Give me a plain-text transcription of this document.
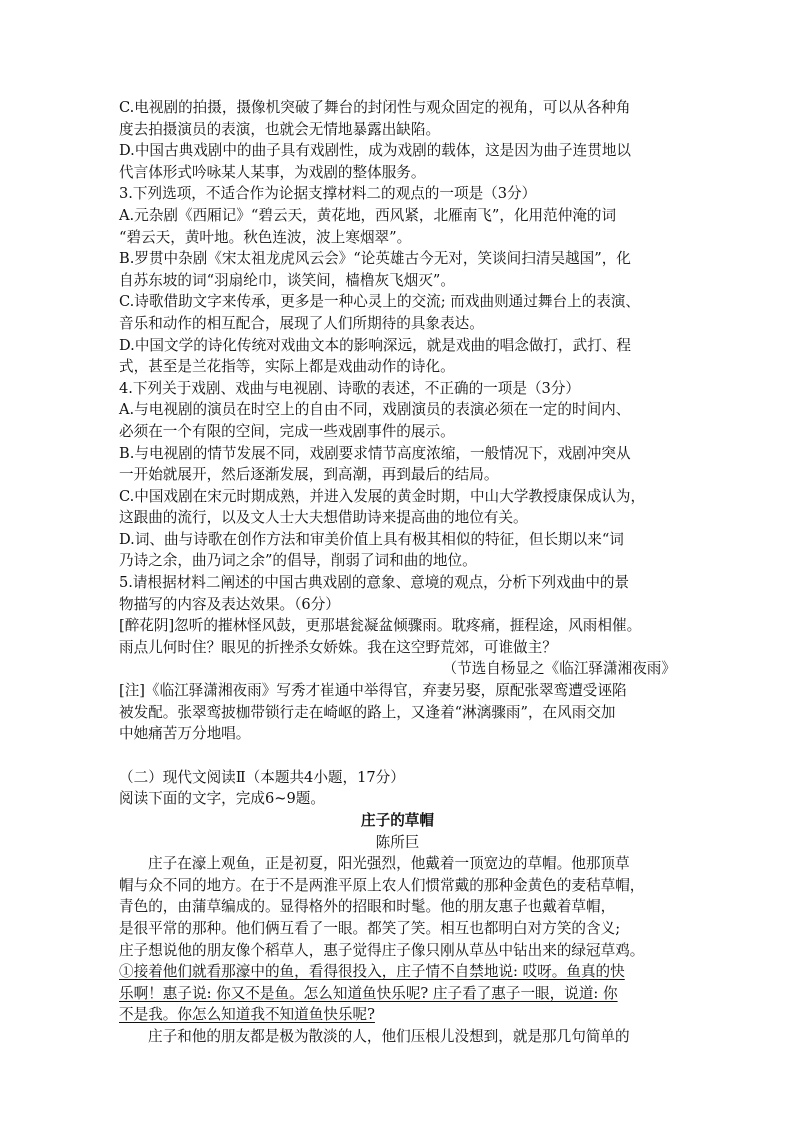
C.电视剧的拍摄，摄像机突破了舞台的封闭性与观众固定的视角，可以从各种角

度去拍摄演员的表演，也就会无情地暴露出缺陷。

D.中国古典戏剧中的曲子具有戏剧性，成为戏剧的载体，这是因为曲子连贯地以

代言体形式吟咏某人某事，为戏剧的整体服务。

3.下列选项，不适合作为论据支撑材料二的观点的一项是（3分）

A.元杂剧《西厢记》“碧云天，黄花地，西风紧，北雁南飞”，化用范仲淹的词

“碧云天，黄叶地。秋色连波，波上寒烟翠”。

B.罗贯中杂剧《宋太祖龙虎风云会》“论英雄古今无对，笑谈间扫清吴越国”，化

自苏东坡的词“羽扇纶巾，谈笑间，樯橹灰飞烟灭”。

C.诗歌借助文字来传承，更多是一种心灵上的交流; 而戏曲则通过舞台上的表演、

音乐和动作的相互配合，展现了人们所期待的具象表达。

D.中国文学的诗化传统对戏曲文本的影响深远，就是戏曲的唱念做打，武打、程

式，甚至是兰花指等，实际上都是戏曲动作的诗化。

4.下列关于戏剧、戏曲与电视剧、诗歌的表述，不正确的一项是（3分）

A.与电视剧的演员在时空上的自由不同，戏剧演员的表演必须在一定的时间内、

必须在一个有限的空间，完成一些戏剧事件的展示。

B.与电视剧的情节发展不同，戏剧要求情节高度浓缩，一般情况下，戏剧冲突从

一开始就展开，然后逐渐发展，到高潮，再到最后的结局。

C.中国戏剧在宋元时期成熟，并进入发展的黄金时期，中山大学教授康保成认为，

这跟曲的流行，以及文人士大夫想借助诗来提高曲的地位有关。

D.词、曲与诗歌在创作方法和审美价值上具有极其相似的特征，但长期以来“词

乃诗之余，曲乃词之余”的倡导，削弱了词和曲的地位。

5.请根据材料二阐述的中国古典戏剧的意象、意境的观点，分析下列戏曲中的景

物描写的内容及表达效果。（6分）

[醉花阴]忽听的摧林怪风鼓，更那堪瓮凝盆倾骤雨。耽疼痛，捱程途，风雨相催。

雨点儿何时住？眼见的折挫杀女娇姝。我在这空野荒郊，可谁做主？

（节选自杨显之《临江驿潇湘夜雨》

[注]《临江驿潇湘夜雨》写秀才崔通中举得官，弃妻另娶，原配张翠鸾遭受诬陷

被发配。张翠鸾披枷带锁行走在崎岖的路上，又逢着“淋漓骤雨”，在风雨交加

中她痛苦万分地唱。

（二）现代文阅读Ⅱ（本题共4小题，17分）

阅读下面的文字，完成6~9题。

庄子的草帽

陈所巨

庄子在濠上观鱼，正是初夏，阳光强烈，他戴着一顶宽边的草帽。他那顶草

帽与众不同的地方。在于不是两淮平原上农人们惯常戴的那种金黄色的麦秸草帽，

青色的，由蒲草编成的。显得格外的招眼和时髦。他的朋友惠子也戴着草帽，

是很平常的那种。他们俩互看了一眼。都笑了笑。相互也都明白对方笑的含义;

庄子想说他的朋友像个稻草人，惠子觉得庄子像只刚从草丛中钻出来的绿冠草鸡。

①接着他们就看那濠中的鱼，看得很投入，庄子情不自禁地说: 哎呀。鱼真的快

乐啊！惠子说: 你又不是鱼。怎么知道鱼快乐呢? 庄子看了惠子一眼，说道: 你

不是我。你怎么知道我不知道鱼快乐呢?

庄子和他的朋友都是极为散淡的人，他们压根儿没想到，就是那几句简单的
